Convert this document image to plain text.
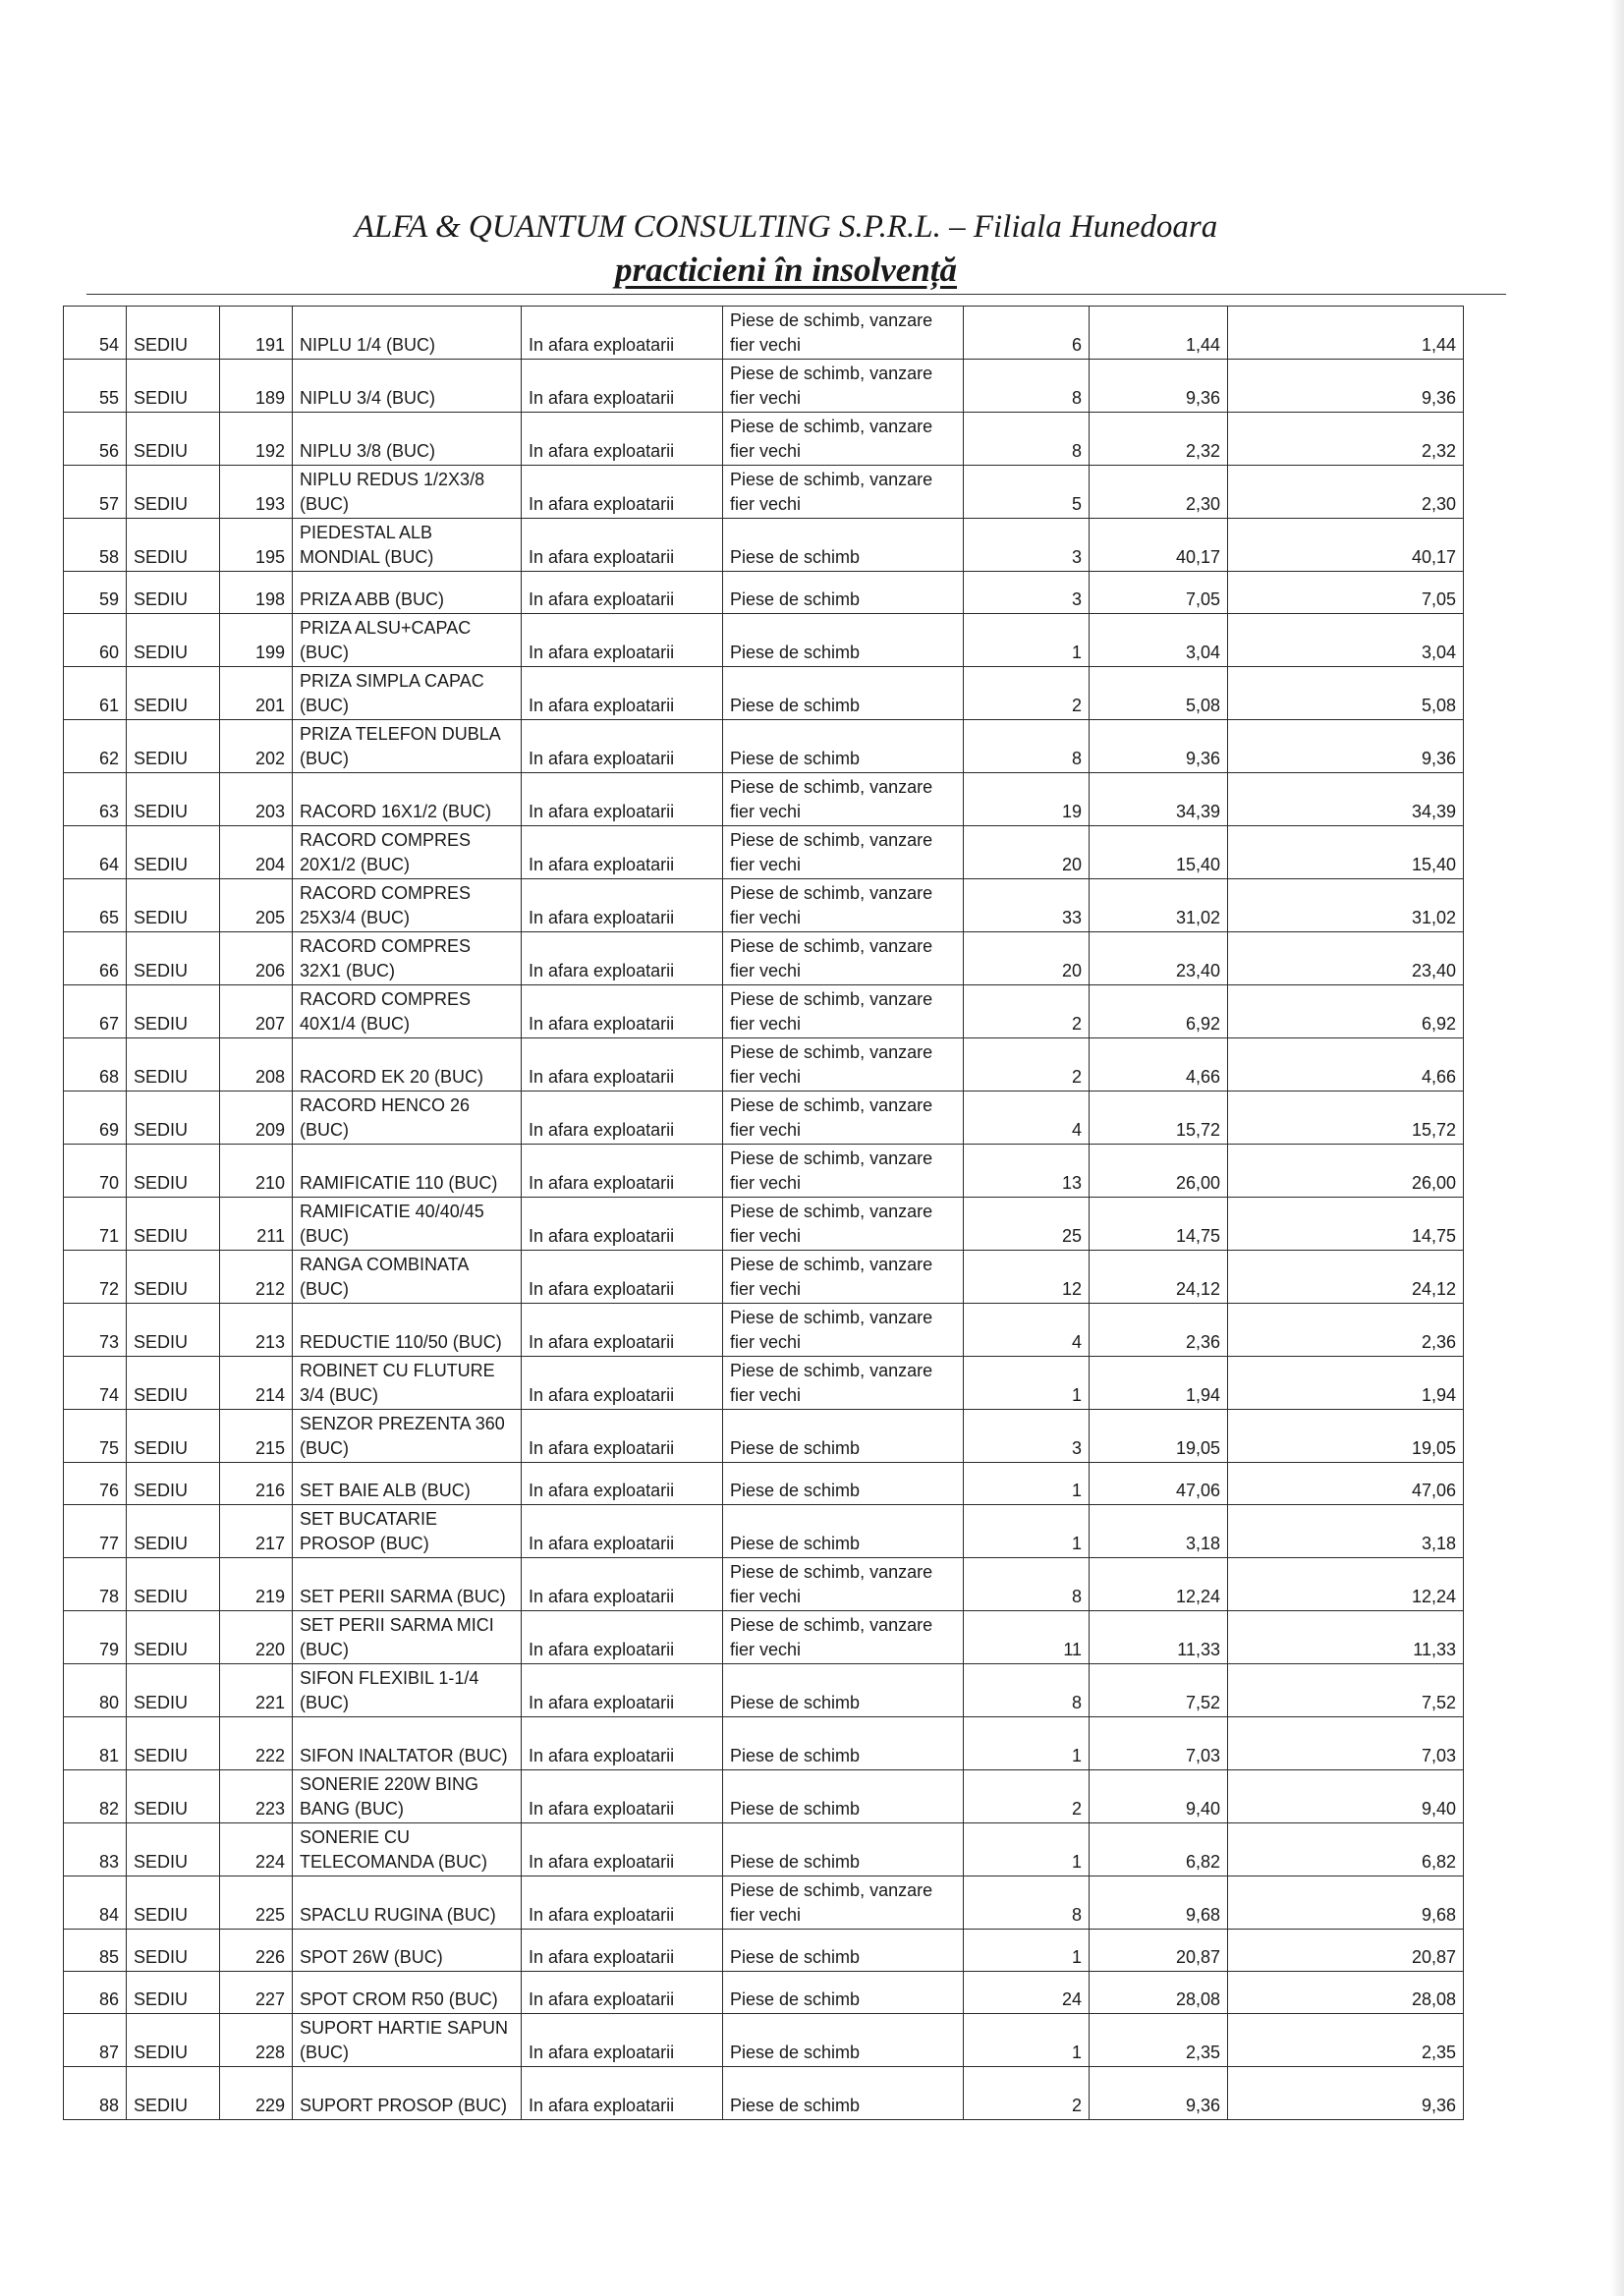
ALFA & QUANTUM CONSULTING S.P.R.L. – Filiala Hunedoara
practicieni în insolvență
54	SEDIU	191	NIPLU 1/4 (BUC)	In afara exploatarii	Piese de schimb, vanzare fier vechi	6	1,44	1,44
55	SEDIU	189	NIPLU 3/4 (BUC)	In afara exploatarii	Piese de schimb, vanzare fier vechi	8	9,36	9,36
56	SEDIU	192	NIPLU 3/8 (BUC)	In afara exploatarii	Piese de schimb, vanzare fier vechi	8	2,32	2,32
57	SEDIU	193	NIPLU REDUS 1/2X3/8 (BUC)	In afara exploatarii	Piese de schimb, vanzare fier vechi	5	2,30	2,30
58	SEDIU	195	PIEDESTAL ALB MONDIAL (BUC)	In afara exploatarii	Piese de schimb	3	40,17	40,17
59	SEDIU	198	PRIZA ABB (BUC)	In afara exploatarii	Piese de schimb	3	7,05	7,05
60	SEDIU	199	PRIZA ALSU+CAPAC (BUC)	In afara exploatarii	Piese de schimb	1	3,04	3,04
61	SEDIU	201	PRIZA SIMPLA CAPAC (BUC)	In afara exploatarii	Piese de schimb	2	5,08	5,08
62	SEDIU	202	PRIZA TELEFON DUBLA (BUC)	In afara exploatarii	Piese de schimb	8	9,36	9,36
63	SEDIU	203	RACORD 16X1/2 (BUC)	In afara exploatarii	Piese de schimb, vanzare fier vechi	19	34,39	34,39
64	SEDIU	204	RACORD COMPRES 20X1/2 (BUC)	In afara exploatarii	Piese de schimb, vanzare fier vechi	20	15,40	15,40
65	SEDIU	205	RACORD COMPRES 25X3/4 (BUC)	In afara exploatarii	Piese de schimb, vanzare fier vechi	33	31,02	31,02
66	SEDIU	206	RACORD COMPRES 32X1 (BUC)	In afara exploatarii	Piese de schimb, vanzare fier vechi	20	23,40	23,40
67	SEDIU	207	RACORD COMPRES 40X1/4 (BUC)	In afara exploatarii	Piese de schimb, vanzare fier vechi	2	6,92	6,92
68	SEDIU	208	RACORD EK 20 (BUC)	In afara exploatarii	Piese de schimb, vanzare fier vechi	2	4,66	4,66
69	SEDIU	209	RACORD HENCO 26 (BUC)	In afara exploatarii	Piese de schimb, vanzare fier vechi	4	15,72	15,72
70	SEDIU	210	RAMIFICATIE 110 (BUC)	In afara exploatarii	Piese de schimb, vanzare fier vechi	13	26,00	26,00
71	SEDIU	211	RAMIFICATIE 40/40/45 (BUC)	In afara exploatarii	Piese de schimb, vanzare fier vechi	25	14,75	14,75
72	SEDIU	212	RANGA COMBINATA (BUC)	In afara exploatarii	Piese de schimb, vanzare fier vechi	12	24,12	24,12
73	SEDIU	213	REDUCTIE 110/50 (BUC)	In afara exploatarii	Piese de schimb, vanzare fier vechi	4	2,36	2,36
74	SEDIU	214	ROBINET CU FLUTURE 3/4 (BUC)	In afara exploatarii	Piese de schimb, vanzare fier vechi	1	1,94	1,94
75	SEDIU	215	SENZOR PREZENTA 360 (BUC)	In afara exploatarii	Piese de schimb	3	19,05	19,05
76	SEDIU	216	SET BAIE ALB (BUC)	In afara exploatarii	Piese de schimb	1	47,06	47,06
77	SEDIU	217	SET BUCATARIE PROSOP (BUC)	In afara exploatarii	Piese de schimb	1	3,18	3,18
78	SEDIU	219	SET PERII SARMA (BUC)	In afara exploatarii	Piese de schimb, vanzare fier vechi	8	12,24	12,24
79	SEDIU	220	SET PERII SARMA MICI (BUC)	In afara exploatarii	Piese de schimb, vanzare fier vechi	11	11,33	11,33
80	SEDIU	221	SIFON FLEXIBIL 1-1/4 (BUC)	In afara exploatarii	Piese de schimb	8	7,52	7,52
81	SEDIU	222	SIFON INALTATOR (BUC)	In afara exploatarii	Piese de schimb	1	7,03	7,03
82	SEDIU	223	SONERIE 220W BING BANG (BUC)	In afara exploatarii	Piese de schimb	2	9,40	9,40
83	SEDIU	224	SONERIE CU TELECOMANDA (BUC)	In afara exploatarii	Piese de schimb	1	6,82	6,82
84	SEDIU	225	SPACLU RUGINA (BUC)	In afara exploatarii	Piese de schimb, vanzare fier vechi	8	9,68	9,68
85	SEDIU	226	SPOT 26W (BUC)	In afara exploatarii	Piese de schimb	1	20,87	20,87
86	SEDIU	227	SPOT CROM R50 (BUC)	In afara exploatarii	Piese de schimb	24	28,08	28,08
87	SEDIU	228	SUPORT HARTIE SAPUN (BUC)	In afara exploatarii	Piese de schimb	1	2,35	2,35
88	SEDIU	229	SUPORT PROSOP (BUC)	In afara exploatarii	Piese de schimb	2	9,36	9,36
